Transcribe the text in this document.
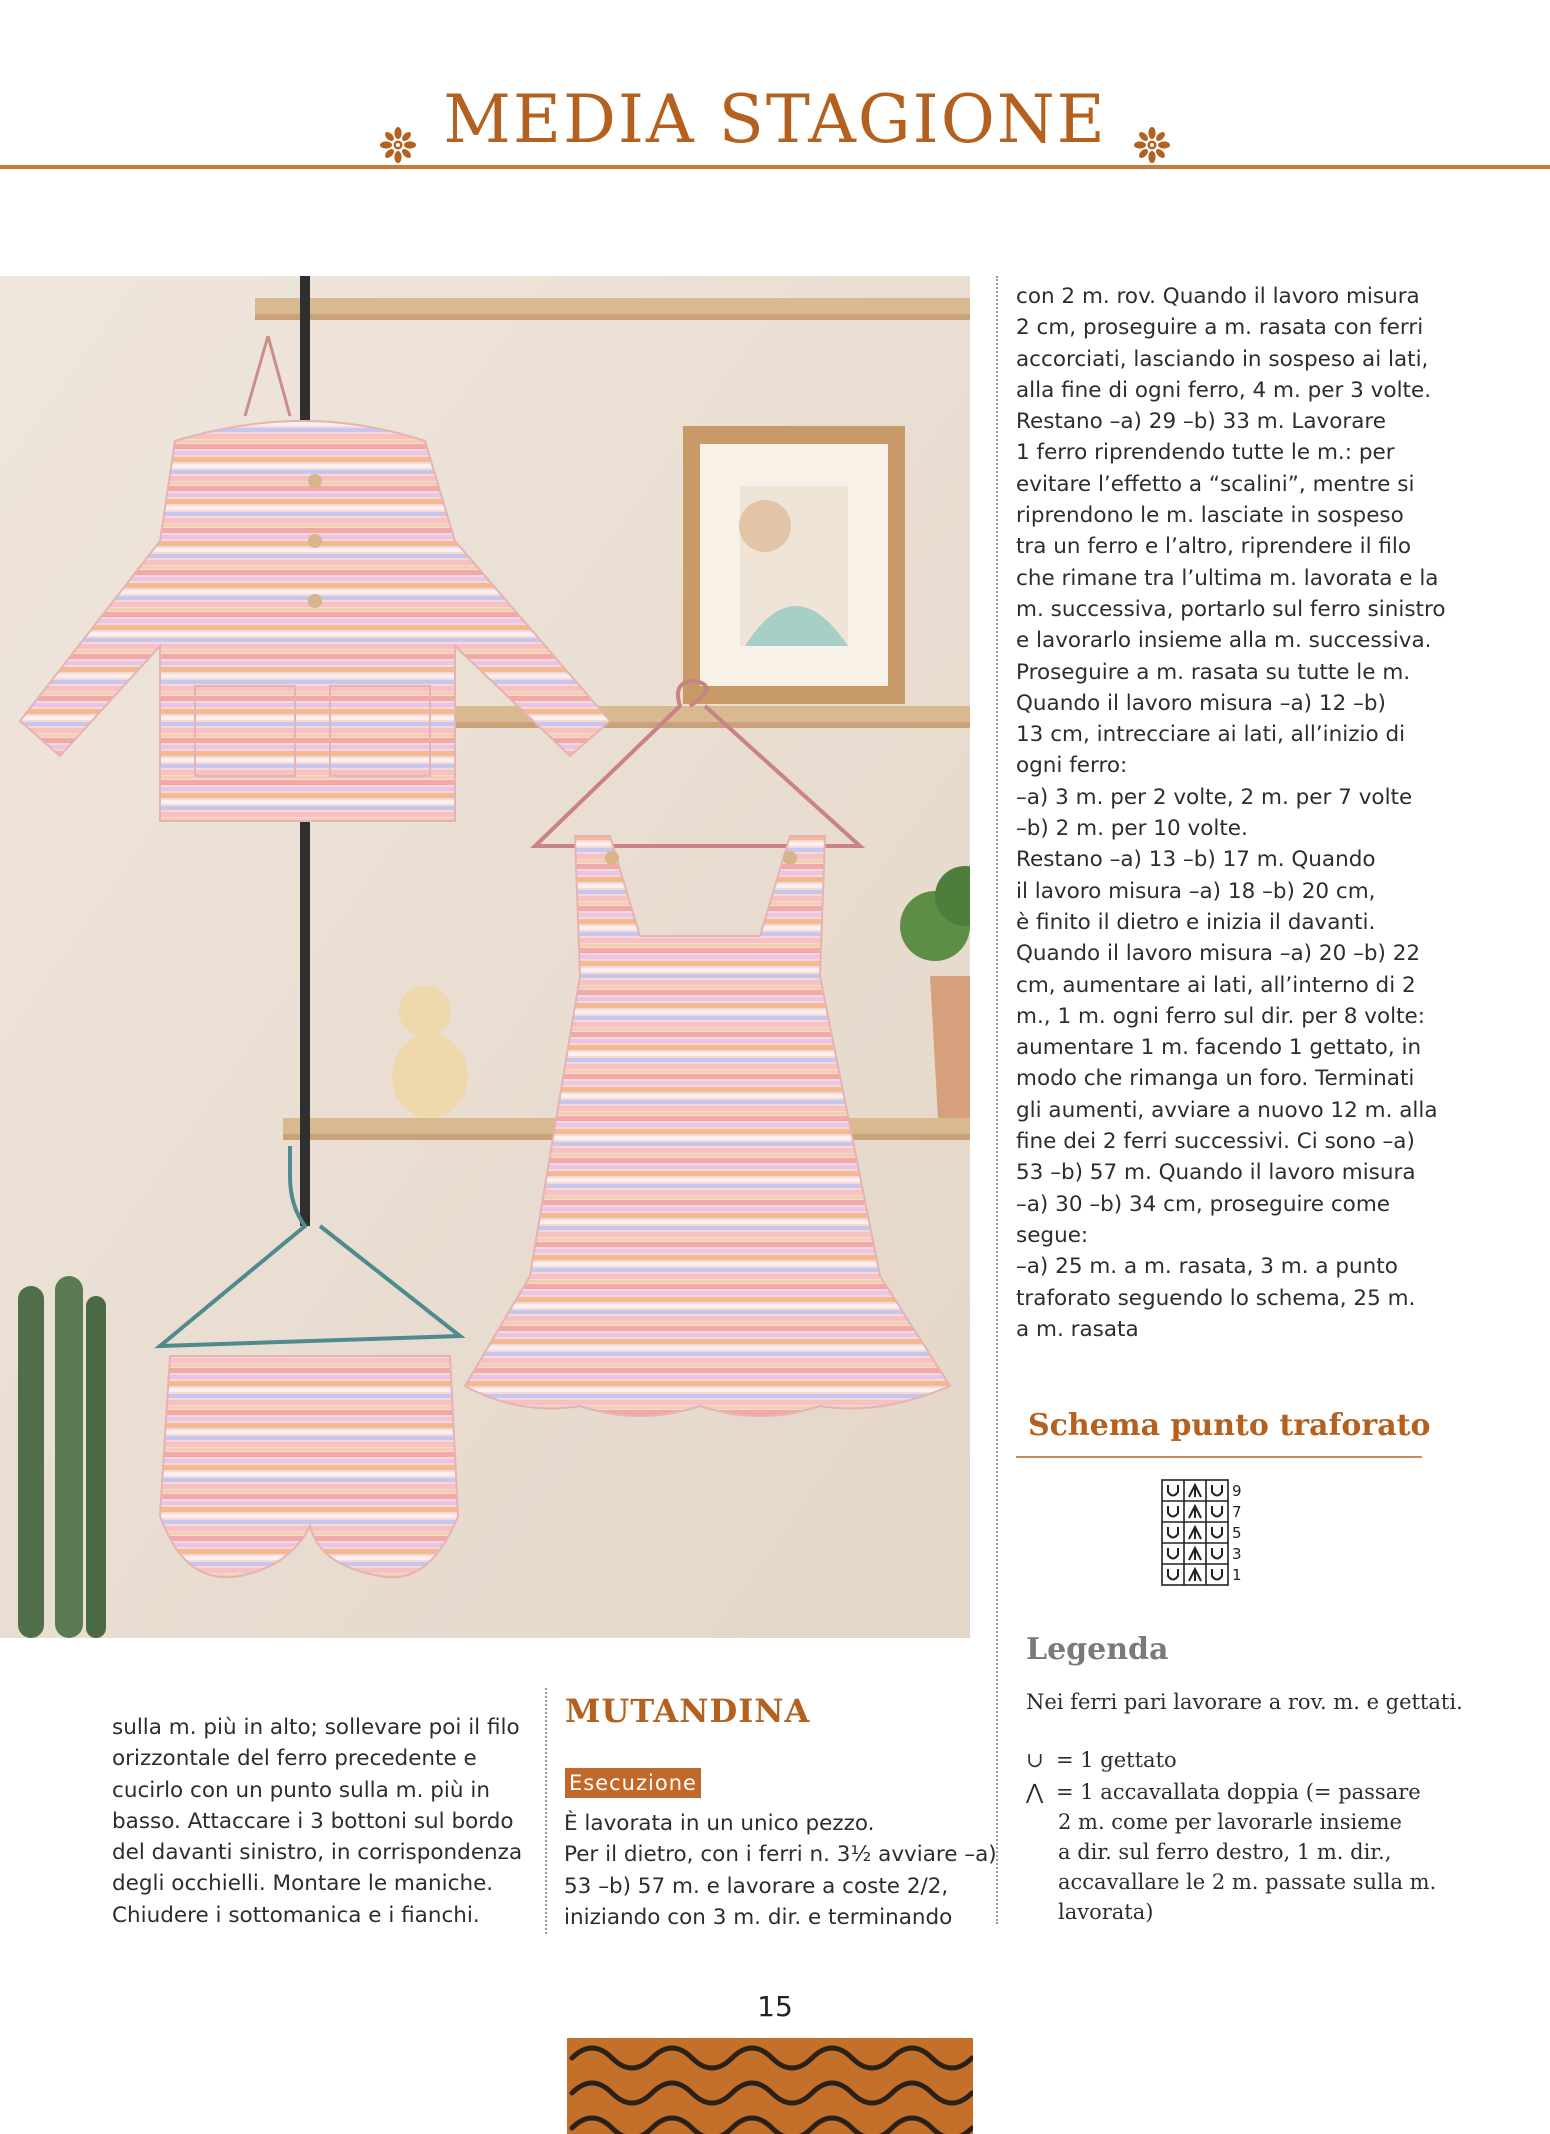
MEDIA STAGIONE
con 2 m. rov. Quando il lavoro misura
2 cm, proseguire a m. rasata con ferri
accorciati, lasciando in sospeso ai lati,
alla fine di ogni ferro, 4 m. per 3 volte.
Restano –a) 29 –b) 33 m. Lavorare
1 ferro riprendendo tutte le m.: per
evitare l’effetto a “scalini”, mentre si
riprendono le m. lasciate in sospeso
tra un ferro e l’altro, riprendere il filo
che rimane tra l’ultima m. lavorata e la
m. successiva, portarlo sul ferro sinistro
e lavorarlo insieme alla m. successiva.
Proseguire a m. rasata su tutte le m.
Quando il lavoro misura –a) 12 –b)
13 cm, intrecciare ai lati, all’inizio di
ogni ferro:
–a) 3 m. per 2 volte, 2 m. per 7 volte
–b) 2 m. per 10 volte.
Restano –a) 13 –b) 17 m. Quando
il lavoro misura –a) 18 –b) 20 cm,
è finito il dietro e inizia il davanti.
Quando il lavoro misura –a) 20 –b) 22
cm, aumentare ai lati, all’interno di 2
m., 1 m. ogni ferro sul dir. per 8 volte:
aumentare 1 m. facendo 1 gettato, in
modo che rimanga un foro. Terminati
gli aumenti, avviare a nuovo 12 m. alla
fine dei 2 ferri successivi. Ci sono –a)
53 –b) 57 m. Quando il lavoro misura
–a) 30 –b) 34 cm, proseguire come
segue:
–a) 25 m. a m. rasata, 3 m. a punto
traforato seguendo lo schema, 25 m.
a m. rasata
Schema punto traforato
9
7
5
3
1
Legenda
Nei ferri pari lavorare a rov. m. e gettati.
∪ = 1 gettato
⋀ = 1 accavallata doppia (= passare
2 m. come per lavorarle insieme
a dir. sul ferro destro, 1 m. dir.,
accavallare le 2 m. passate sulla m.
lavorata)
sulla m. più in alto; sollevare poi il filo
orizzontale del ferro precedente e
cucirlo con un punto sulla m. più in
basso. Attaccare i 3 bottoni sul bordo
del davanti sinistro, in corrispondenza
degli occhielli. Montare le maniche.
Chiudere i sottomanica e i fianchi.
MUTANDINA
Esecuzione
È lavorata in un unico pezzo.
Per il dietro, con i ferri n. 3½ avviare –a)
53 –b) 57 m. e lavorare a coste 2/2,
iniziando con 3 m. dir. e terminando
15
